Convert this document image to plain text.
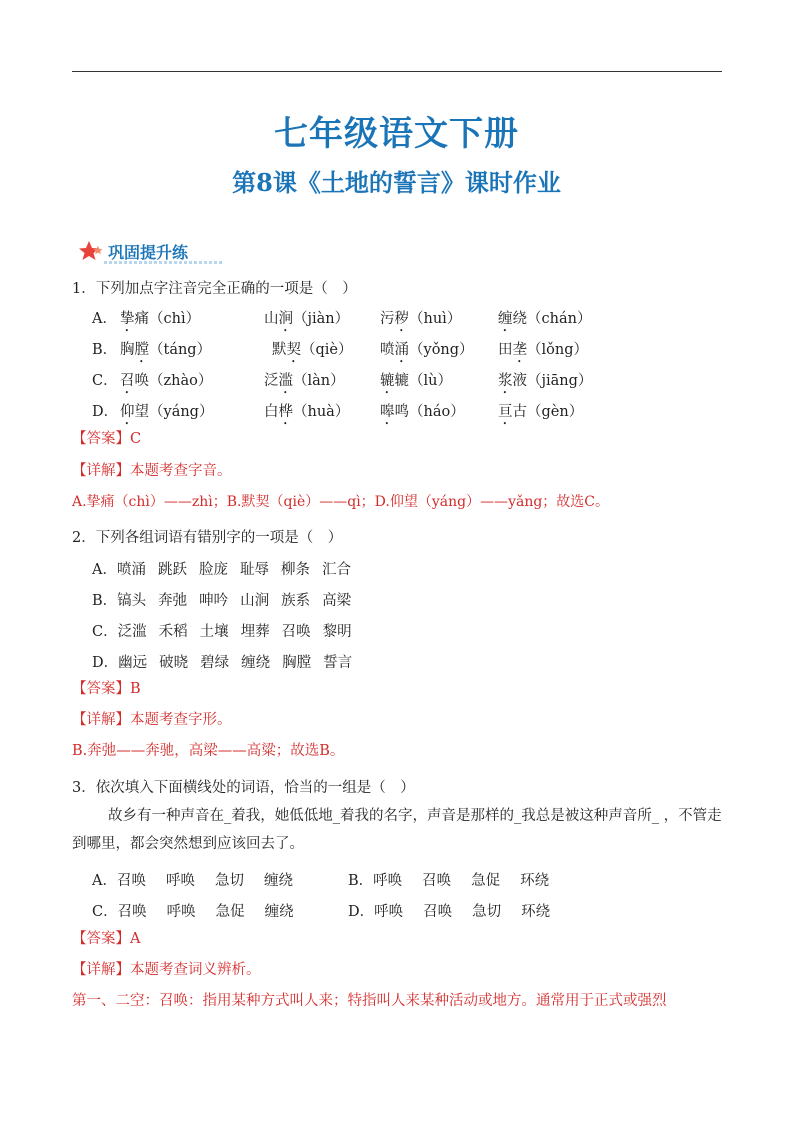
七年级语文下册
第8课《土地的誓言》课时作业
巩固提升练
1．下列加点字注音完全正确的一项是（　）
A． 挚痛（chì）	山涧（jiàn） 污秽（huì）	缠绕（chán）
B． 胸膛（táng）	默契（qiè） 喷涌（yǒng） 田垄（lǒng）
C． 召唤（zhào）	泛滥（làn） 辘辘（lù）	浆液（jiāng）
D． 仰望（yáng）	白桦（huà） 嗥鸣（háo） 亘古（gèn）
【答案】C
【详解】本题考查字音。
A.挚痛（chì）——zhì；B.默契（qiè）——qì；D.仰望（yáng）——yǎng；故选C。
2．下列各组词语有错别字的一项是（　）
A．喷涌 跳跃 脸庞 耻辱 柳条 汇合
B．镐头 奔弛 呻吟 山涧 族系 高梁
C．泛滥 禾稻 土壤 埋葬 召唤 黎明
D．幽远 破晓 碧绿 缠绕 胸膛 誓言
【答案】B
【详解】本题考查字形。
B.奔弛——奔驰，高梁——高粱；故选B。
3．依次填入下面横线处的词语，恰当的一组是（　）
故乡有一种声音在_着我，她低低地_着我的名字，声音是那样的_我总是被这种声音所_ ，不管走到哪里，都会突然想到应该回去了。
A．召唤 呼唤 急切 缠绕	B．呼唤 召唤 急促 环绕
C．召唤 呼唤 急促 缠绕	D．呼唤 召唤 急切 环绕
【答案】A
【详解】本题考查词义辨析。
第一、二空：召唤：指用某种方式叫人来；特指叫人来某种活动或地方。通常用于正式或强烈
